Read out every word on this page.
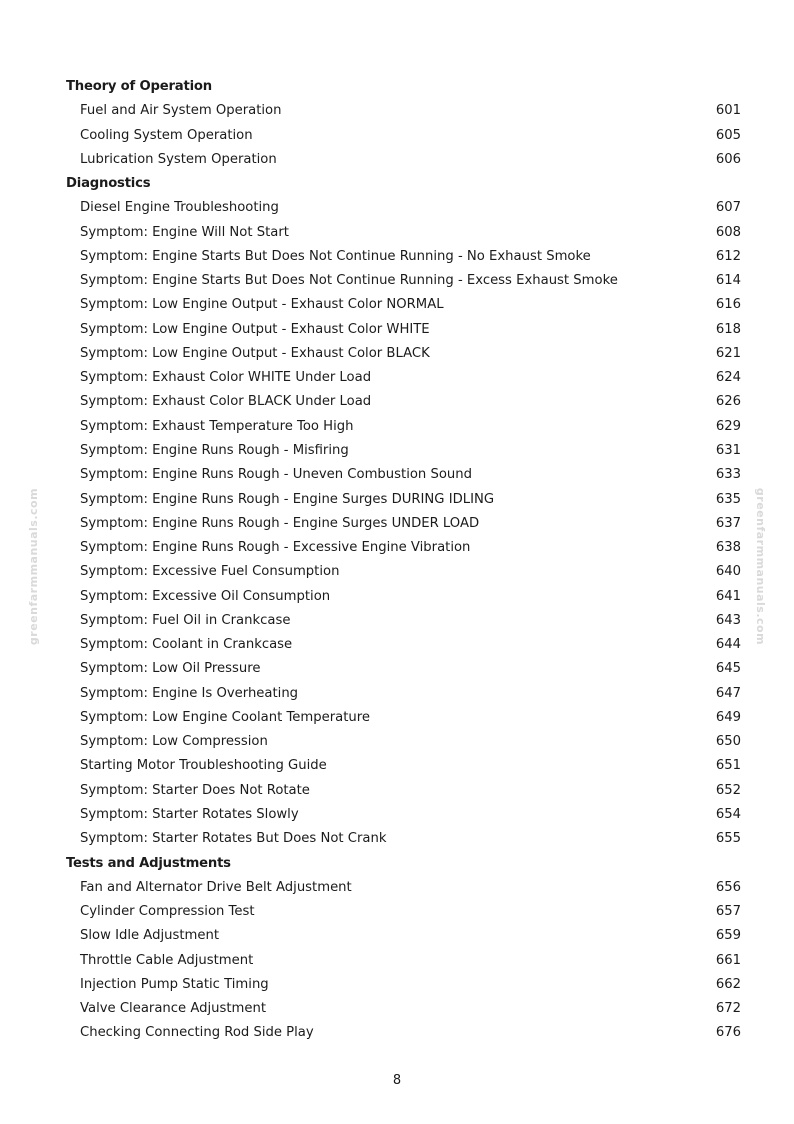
greenfarmmanuals.com	greenfarmmanuals.com
Theory of Operation
Fuel and Air System Operation	601
Cooling System Operation	605
Lubrication System Operation	606
Diagnostics
Diesel Engine Troubleshooting	607
Symptom: Engine Will Not Start	608
Symptom: Engine Starts But Does Not Continue Running - No Exhaust Smoke	612
Symptom: Engine Starts But Does Not Continue Running - Excess Exhaust Smoke	614
Symptom: Low Engine Output - Exhaust Color NORMAL	616
Symptom: Low Engine Output - Exhaust Color WHITE	618
Symptom: Low Engine Output - Exhaust Color BLACK	621
Symptom: Exhaust Color WHITE Under Load	624
Symptom: Exhaust Color BLACK Under Load	626
Symptom: Exhaust Temperature Too High	629
Symptom: Engine Runs Rough - Misfiring	631
Symptom: Engine Runs Rough - Uneven Combustion Sound	633
Symptom: Engine Runs Rough - Engine Surges DURING IDLING	635
Symptom: Engine Runs Rough - Engine Surges UNDER LOAD	637
Symptom: Engine Runs Rough - Excessive Engine Vibration	638
Symptom: Excessive Fuel Consumption	640
Symptom: Excessive Oil Consumption	641
Symptom: Fuel Oil in Crankcase	643
Symptom: Coolant in Crankcase	644
Symptom: Low Oil Pressure	645
Symptom: Engine Is Overheating	647
Symptom: Low Engine Coolant Temperature	649
Symptom: Low Compression	650
Starting Motor Troubleshooting Guide	651
Symptom: Starter Does Not Rotate	652
Symptom: Starter Rotates Slowly	654
Symptom: Starter Rotates But Does Not Crank	655
Tests and Adjustments
Fan and Alternator Drive Belt Adjustment	656
Cylinder Compression Test	657
Slow Idle Adjustment	659
Throttle Cable Adjustment	661
Injection Pump Static Timing	662
Valve Clearance Adjustment	672
Checking Connecting Rod Side Play	676
8
